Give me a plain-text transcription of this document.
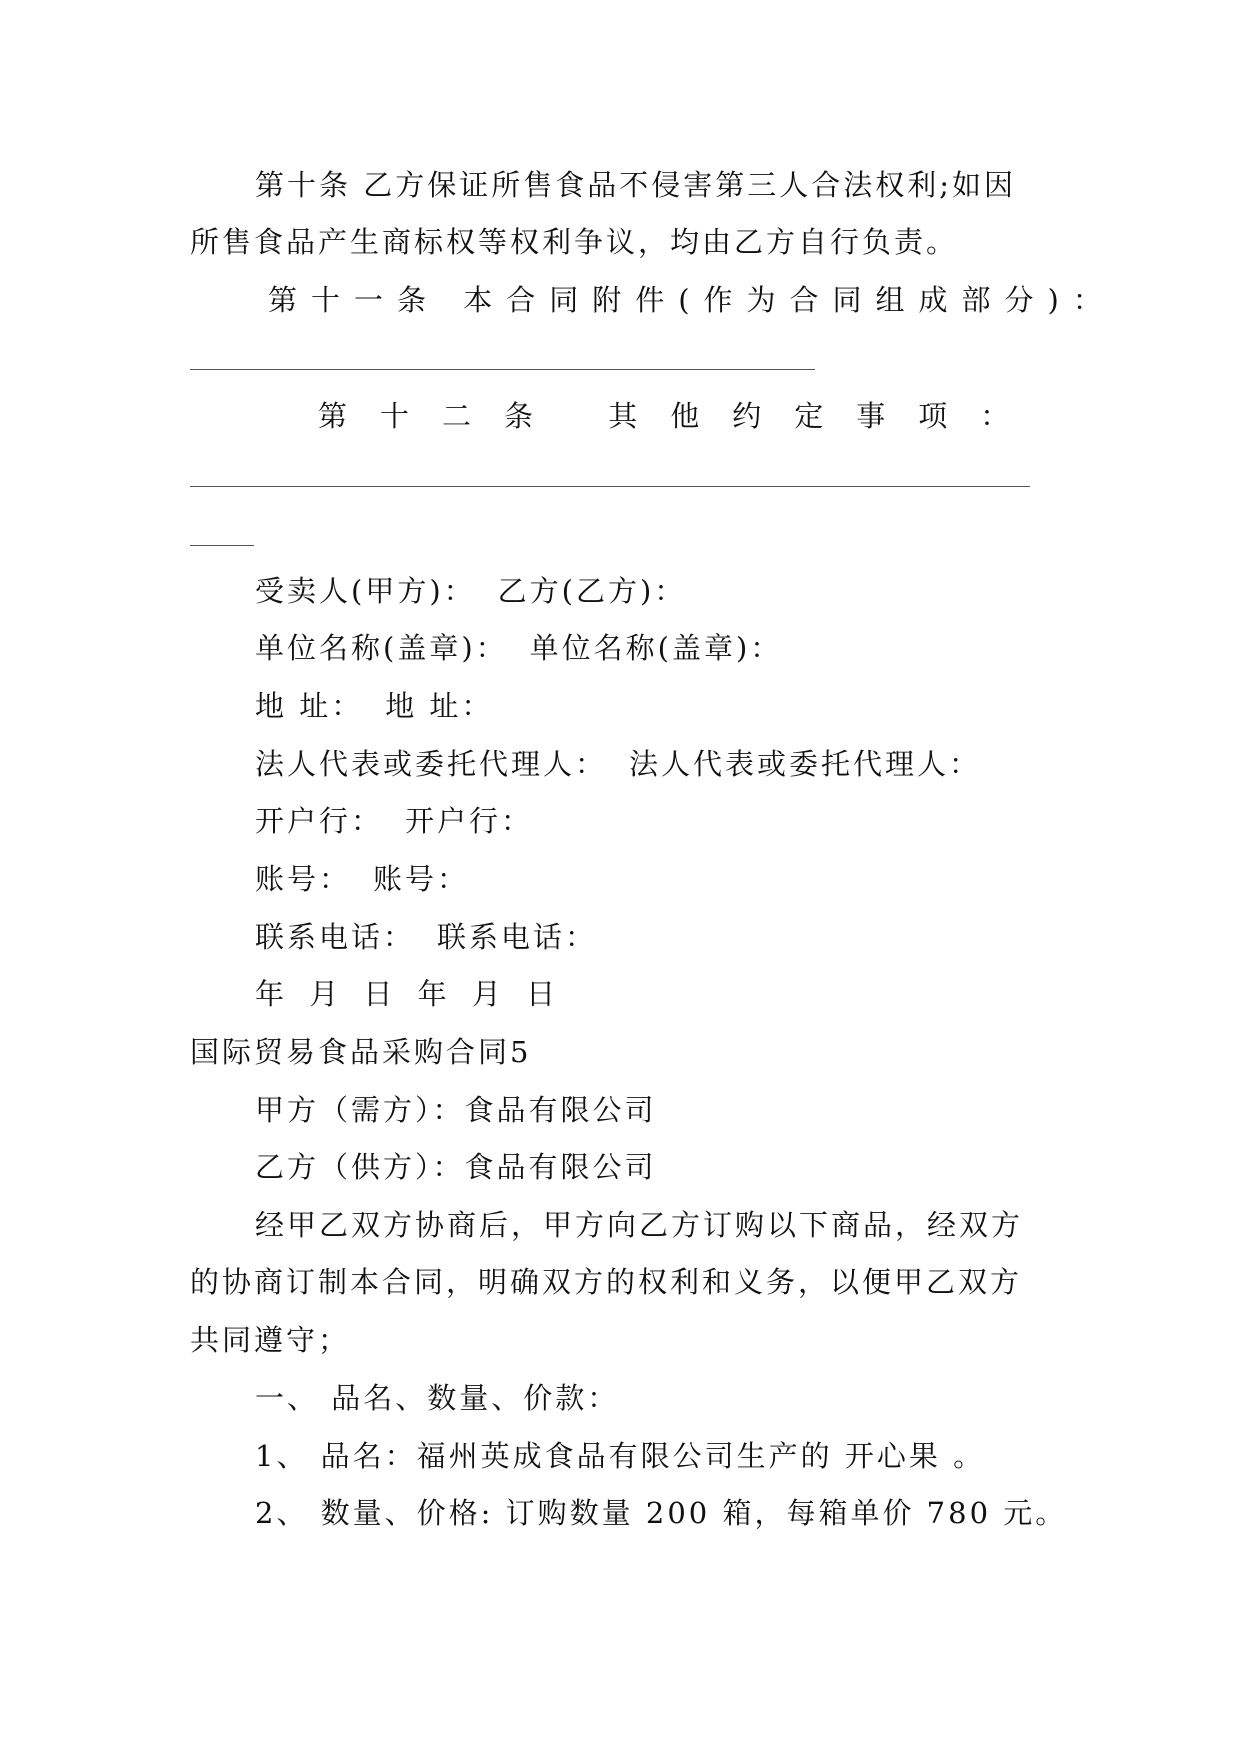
第十条 乙方保证所售食品不侵害第三人合法权利;如因
所售食品产生商标权等权利争议，均由乙方自行负责。
第十一条 本合同附件(作为合同组成部分)：
第十二条 其他约定事项：
受卖人(甲方)： 乙方(乙方)：
单位名称(盖章)： 单位名称(盖章)：
地 址： 地 址：
法人代表或委托代理人： 法人代表或委托代理人：
开户行： 开户行：
账号： 账号：
联系电话： 联系电话：
年 月 日 年 月 日
国际贸易食品采购合同5
甲方（需方）：食品有限公司
乙方（供方）：食品有限公司
经甲乙双方协商后，甲方向乙方订购以下商品，经双方
的协商订制本合同，明确双方的权利和义务，以便甲乙双方
共同遵守；
一、 品名、数量、价款：
1、 品名：福州英成食品有限公司生产的 开心果 。
2、 数量、价格: 订购数量 200 箱，每箱单价 780 元。
